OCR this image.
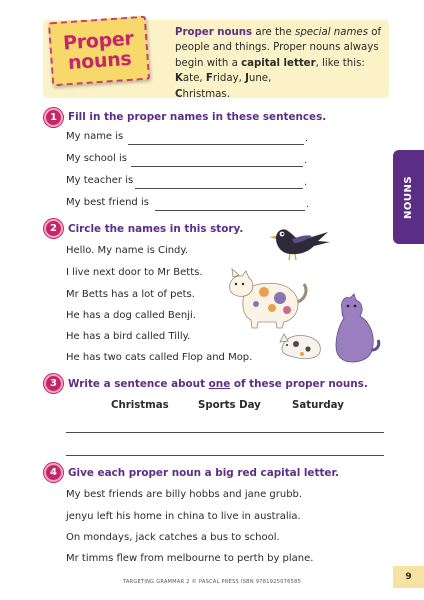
Proper
nouns
Proper nouns are the special names of people and things. Proper nouns always begin with a capital letter, like this: Kate, Friday, June,
Christmas.
NOUNS
1	Fill in the proper names in these sentences.
My name is	.
My school is	.
My teacher is	.
My best friend is	.
2	Circle the names in this story.
Hello. My name is Cindy.
I live next door to Mr Betts.
Mr Betts has a lot of pets.
He has a dog called Benji.
He has a bird called Tilly.
He has two cats called Flop and Mop.
3	Write a sentence about one of these proper nouns.
Christmas	Sports Day	Saturday
4	Give each proper noun a big red capital letter.
My best friends are billy hobbs and jane grubb.
jenyu left his home in china to live in australia.
On mondays, jack catches a bus to school.
Mr timms flew from melbourne to perth by plane.
TARGETING GRAMMAR 2 © PASCAL PRESS ISBN 9781925076585	9
